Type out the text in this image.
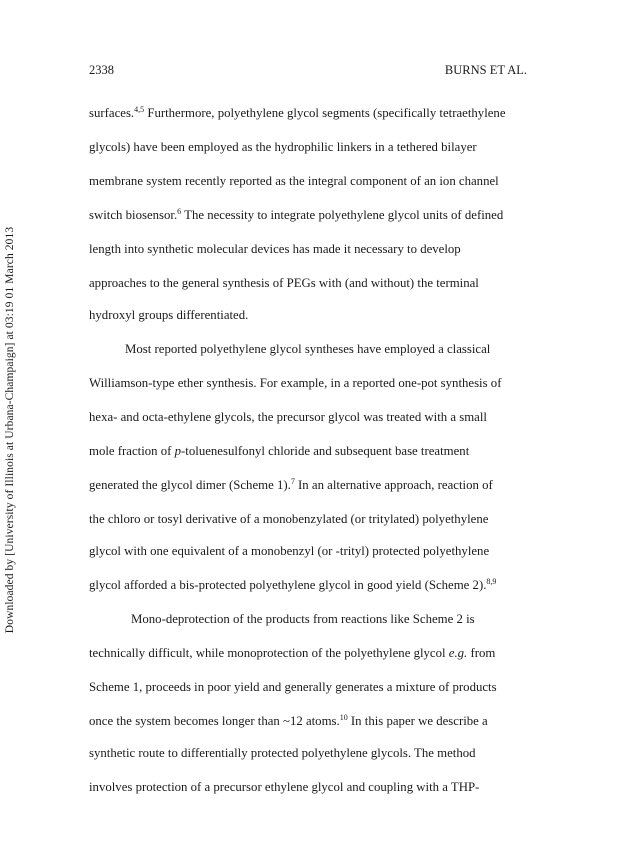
Downloaded by [University of Illinois at Urbana-Champaign] at 03:19 01 March 2013
2338	BURNS ET AL.
surfaces.$^{4,5}$ Furthermore, polyethylene glycol segments (specifically tetraethylene
glycols) have been employed as the hydrophilic linkers in a tethered bilayer
membrane system recently reported as the integral component of an ion channel
switch biosensor.$^6$ The necessity to integrate polyethylene glycol units of defined
length into synthetic molecular devices has made it necessary to develop
approaches to the general synthesis of PEGs with (and without) the terminal
hydroxyl groups differentiated.
Most reported polyethylene glycol syntheses have employed a classical
Williamson-type ether synthesis. For example, in a reported one-pot synthesis of
hexa- and octa-ethylene glycols, the precursor glycol was treated with a small
mole fraction of p-toluenesulfonyl chloride and subsequent base treatment
generated the glycol dimer (Scheme 1).$^7$ In an alternative approach, reaction of
the chloro or tosyl derivative of a monobenzylated (or tritylated) polyethylene
glycol with one equivalent of a monobenzyl (or -trityl) protected polyethylene
glycol afforded a bis-protected polyethylene glycol in good yield (Scheme 2).$^{8,9}$
Mono-deprotection of the products from reactions like Scheme 2 is
technically difficult, while monoprotection of the polyethylene glycol e.g. from
Scheme 1, proceeds in poor yield and generally generates a mixture of products
once the system becomes longer than ~12 atoms.$^{10}$ In this paper we describe a
synthetic route to differentially protected polyethylene glycols. The method
involves protection of a precursor ethylene glycol and coupling with a THP-
